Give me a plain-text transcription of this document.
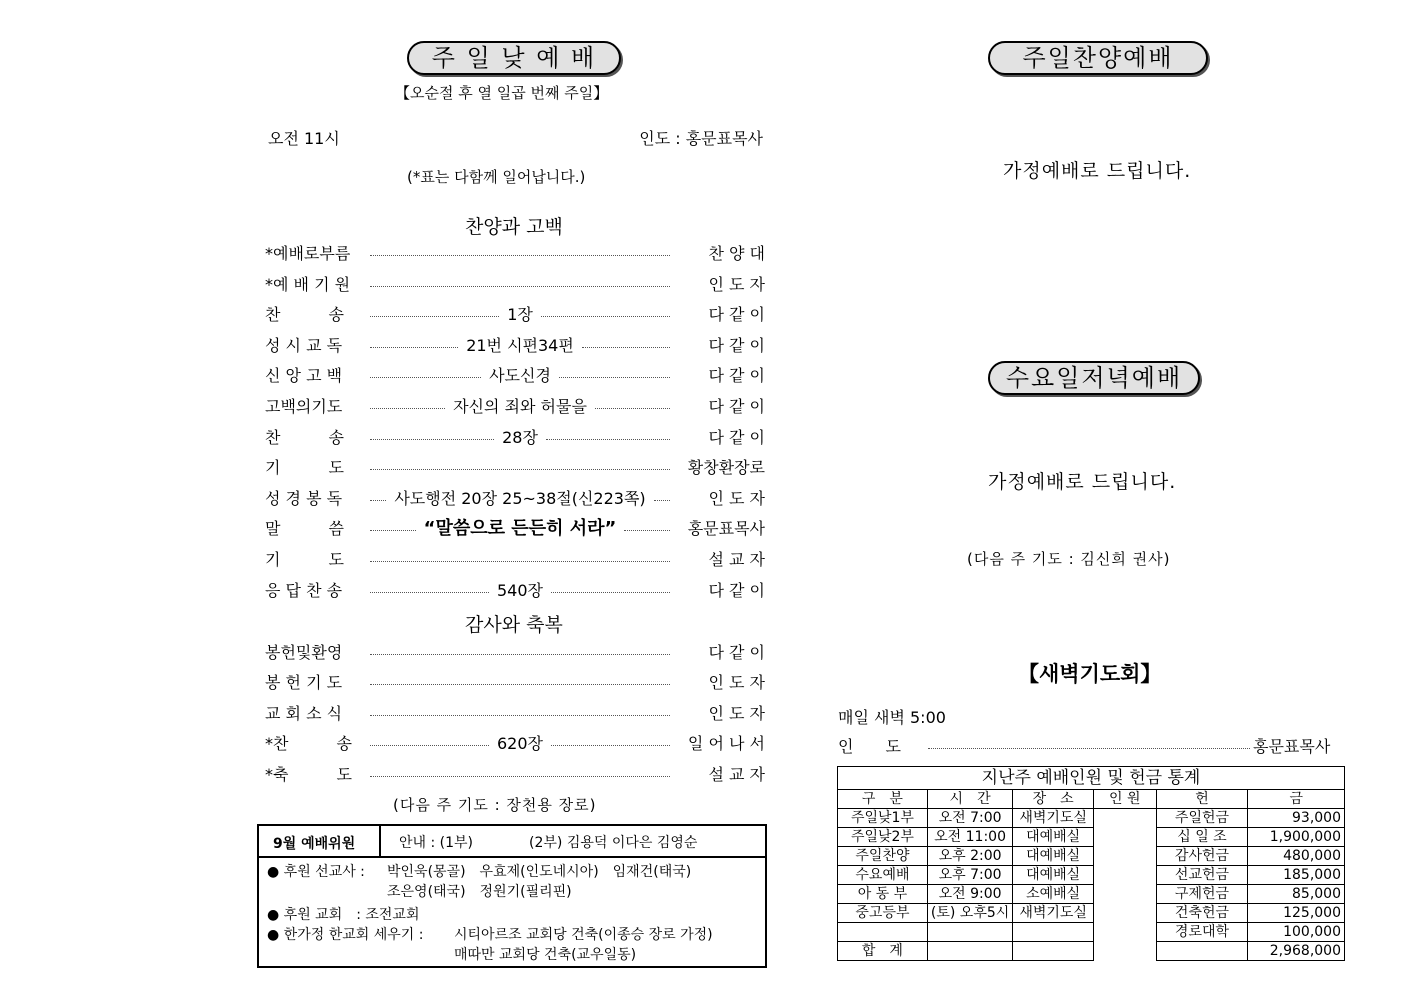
주 일 낮 예 배
【오순절 후 열 일곱 번째 주일】
오전 11시	인도 : 홍문표목사
(*표는 다함께 일어납니다.)
찬양과 고백
*예배로부름	찬 양 대
*예 배 기 원	인 도 자
찬　　　송	1장	다 같 이
성 시 교 독	21번 시편34편	다 같 이
신 앙 고 백	사도신경	다 같 이
고백의기도	자신의 죄와 허물을	다 같 이
찬　　　송	28장	다 같 이
기　　　도	황창환장로
성 경 봉 독	사도행전 20장 25~38절(신223쪽)	인 도 자
말　　　씀	“말씀으로 든든히 서라”	홍문표목사
기　　　도	설 교 자
응 답 찬 송	540장	다 같 이
감사와 축복
봉헌및환영	다 같 이
봉 헌 기 도	인 도 자
교 회 소 식	인 도 자
*찬　　　송	620장	일 어 나 서
*축　　　도	설 교 자
(다음 주 기도 : 장천용 장로)
9월 예배위원	안내 : (1부)　　　　(2부) 김용덕 이다은 김영순
● 후원 선교사 : 박인욱(몽골)　우효제(인도네시아)　임재건(태국)
조은영(태국)　정원기(필리핀)
● 후원 교회　: 조전교회
● 한가정 한교회 세우기 : 시티아르조 교회당 건축(이종승 장로 가정)
매따만 교회당 건축(교우일동)
주일찬양예배
가정예배로 드립니다.
수요일저녁예배
가정예배로 드립니다.
(다음 주 기도 : 김신희 권사)
【새벽기도회】
매일 새벽 5:00
인　　도	홍문표목사
지난주 예배인원 및 헌금 통계					
구　분	시　간	장　소	인 원	헌	금
주일낮1부	오전 7:00	새벽기도실		주일헌금	93,000
주일낮2부	오전 11:00	대예배실		십 일 조	1,900,000
주일찬양	오후 2:00	대예배실		감사헌금	480,000
수요예배	오후 7:00	대예배실		선교헌금	185,000
아 동 부	오전 9:00	소예배실		구제헌금	85,000
중고등부	(토) 오후5시	새벽기도실		건축헌금	125,000
				경로대학	100,000
합　계					2,968,000
